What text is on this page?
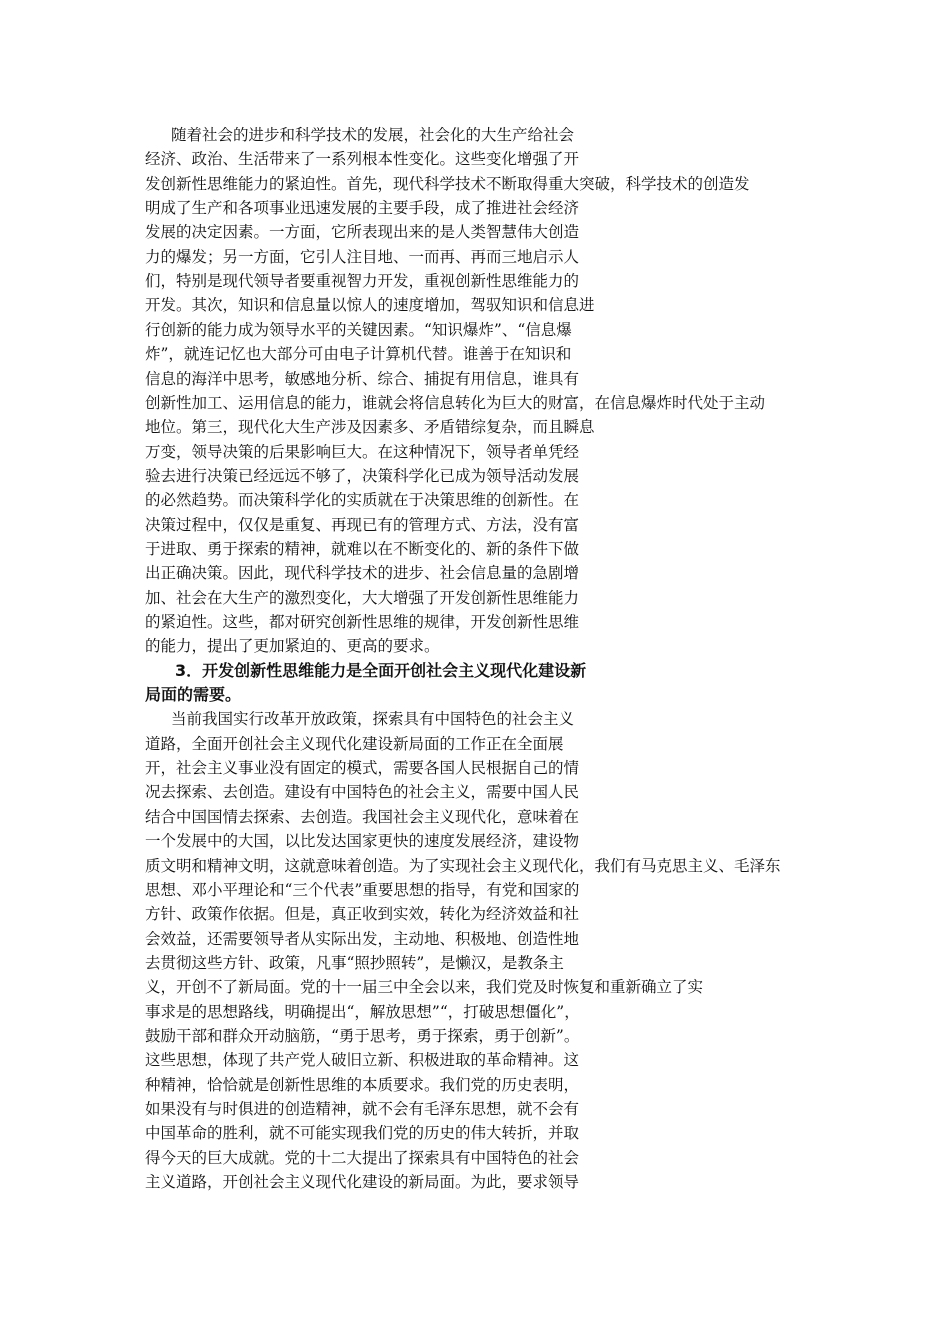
随着社会的进步和科学技术的发展，社会化的大生产给社会
经济、政治、生活带来了一系列根本性变化。这些变化增强了开
发创新性思维能力的紧迫性。首先，现代科学技术不断取得重大突破，科学技术的创造发
明成了生产和各项事业迅速发展的主要手段，成了推进社会经济
发展的决定因素。一方面，它所表现出来的是人类智慧伟大创造
力的爆发；另一方面，它引人注目地、一而再、再而三地启示人
们，特别是现代领导者要重视智力开发，重视创新性思维能力的
开发。其次，知识和信息量以惊人的速度增加，驾驭知识和信息进
行创新的能力成为领导水平的关键因素。“知识爆炸”、“信息爆
炸”，就连记忆也大部分可由电子计算机代替。谁善于在知识和
信息的海洋中思考，敏感地分析、综合、捕捉有用信息，谁具有
创新性加工、运用信息的能力，谁就会将信息转化为巨大的财富，在信息爆炸时代处于主动
地位。第三，现代化大生产涉及因素多、矛盾错综复杂，而且瞬息
万变，领导决策的后果影响巨大。在这种情况下，领导者单凭经
验去进行决策已经远远不够了，决策科学化已成为领导活动发展
的必然趋势。而决策科学化的实质就在于决策思维的创新性。在
决策过程中，仅仅是重复、再现已有的管理方式、方法，没有富
于进取、勇于探索的精神，就难以在不断变化的、新的条件下做
出正确决策。因此，现代科学技术的进步、社会信息量的急剧增
加、社会在大生产的激烈变化，大大增强了开发创新性思维能力
的紧迫性。这些，都对研究创新性思维的规律，开发创新性思维
的能力，提出了更加紧迫的、更高的要求。
3．开发创新性思维能力是全面开创社会主义现代化建设新
局面的需要。
当前我国实行改革开放政策，探索具有中国特色的社会主义
道路，全面开创社会主义现代化建设新局面的工作正在全面展
开，社会主义事业没有固定的模式，需要各国人民根据自己的情
况去探索、去创造。建设有中国特色的社会主义，需要中国人民
结合中国国情去探索、去创造。我国社会主义现代化，意味着在
一个发展中的大国，以比发达国家更快的速度发展经济，建设物
质文明和精神文明，这就意味着创造。为了实现社会主义现代化，我们有马克思主义、毛泽东
思想、邓小平理论和“三个代表”重要思想的指导，有党和国家的
方针、政策作依据。但是，真正收到实效，转化为经济效益和社
会效益，还需要领导者从实际出发，主动地、积极地、创造性地
去贯彻这些方针、政策，凡事“照抄照转”，是懒汉，是教条主
义，开创不了新局面。党的十一届三中全会以来，我们党及时恢复和重新确立了实
事求是的思想路线，明确提出“，解放思想”“，打破思想僵化”，
鼓励干部和群众开动脑筋，“勇于思考，勇于探索，勇于创新”。
这些思想，体现了共产党人破旧立新、积极进取的革命精神。这
种精神，恰恰就是创新性思维的本质要求。我们党的历史表明，
如果没有与时俱进的创造精神，就不会有毛泽东思想，就不会有
中国革命的胜利，就不可能实现我们党的历史的伟大转折，并取
得今天的巨大成就。党的十二大提出了探索具有中国特色的社会
主义道路，开创社会主义现代化建设的新局面。为此，要求领导
